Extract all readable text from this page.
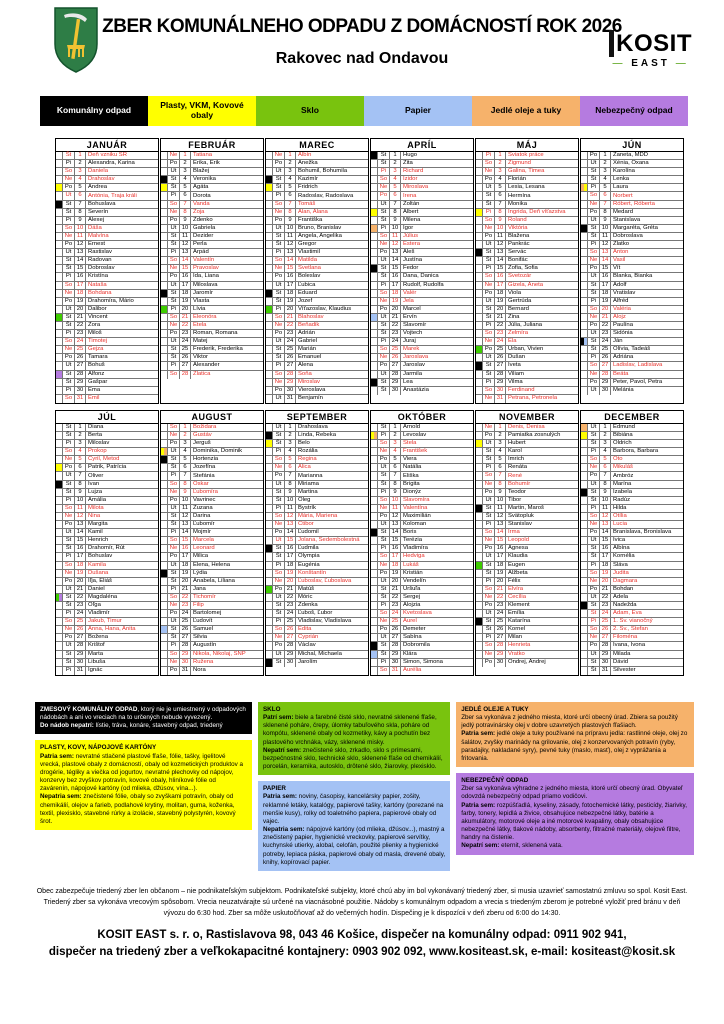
ZBER KOMUNÁLNEHO ODPADU Z DOMÁCNOSTÍ ROK 2026
Rakovec nad Ondavou
KOSIT
— EAST —
Komunálny odpad	Plasty, VKM, Kovové obaly	Sklo	Papier	Jedlé oleje a tuky	Nebezpečný odpad
JANUÁR
Št	1	Deň vzniku SR
Pi	2	Alexandra, Karina
So	3	Daniela
Ne	4	Drahoslav
Po	5	Andrea
Ut	6	Antónia, Traja králi
St	7	Bohuslava
Št	8	Severín
Pi	9	Alexej
So 10 Dáša
Ne 11 Malvína
Po 12 Ernest
Ut 13 Rastislav
St 14 Radovan
Št 15 Dobroslav
Pi 16 Kristína
So 17 Nataša
Ne 18 Bohdana
Po 19 Drahomíra, Mário
Ut 20 Dalibor
St 21 Vincent
Št 22 Zora
Pi 23 Miloš
So 24 Timotej
Ne 25 Gejza
Po 26 Tamara
Ut 27 Bohuš
St 28 Alfonz
Št 29 Gašpar
Pi 30 Ema
So 31 Emil
FEBRUÁR
Ne	1	Tatiana
Po	2	Erika, Erik
Ut	3	Blažej
St	4	Veronika
Št	5	Agáta
Pi	6	Dorota
So	7	Vanda
Ne	8	Zoja
Po	9	Zdenko
Ut 10 Gabriela
St 11 Dezider
Št 12 Perla
Pi 13 Arpád
So 14 Valentín
Ne 15 Pravoslav
Po 16 Ida, Liana
Ut 17 Miloslava
St 18 Jaromír
Št 19 Vlasta
Pi 20 Lívia
So 21 Eleonóra
Ne 22 Etela
Po 23 Roman, Romana
Ut 24 Matej
St 25 Frederik, Frederika
Št 26 Viktor
Pi 27 Alexander
So 28 Zlatica
MAREC
Ne	1	Albín
Po	2	Anežka
Ut	3	Bohumil, Bohumila
St	4	Kazimír
Št	5	Fridrich
Pi	6	Radoslav, Radoslava
So	7	Tomáš
Ne	8	Alan, Alana
Po	9	Františka
Ut 10 Bruno, Branislav
St 11 Angela, Angelika
Št 12 Gregor
Pi 13 Vlastimil
So 14 Matilda
Ne 15 Svetlana
Po 16 Boleslav
Ut 17 Ľubica
St 18 Eduard
Št 19 Jozef
Pi 20 Víťazoslav, Klaudius
So 21 Blahoslav
Ne 22 Beňadik
Po 23 Adrián
Ut 24 Gabriel
St 25 Marián
Št 26 Emanuel
Pi 27 Alena
So 28 Soňa
Ne 29 Miroslav
Po 30 Vieroslava
Ut 31 Benjamín
APRÍL
St	1	Hugo
Št	2	Zita
Pi	3	Richard
So	4	Izidor
Ne	5	Miroslava
Po	6	Irena
Ut	7	Zoltán
St	8	Albert
Št	9	Milena
Pi 10 Igor
So 11 Július
Ne 12 Estera
Po 13 Aleš
Ut 14 Justína
St 15 Fedor
Št 16 Dana, Danica
Pi 17 Rudolf, Rudolfa
So 18 Valér
Ne 19 Jela
Po 20 Marcel
Ut 21 Ervín
St 22 Slavomír
Št 23 Vojtech
Pi 24 Juraj
So 25 Marek
Ne 26 Jaroslava
Po 27 Jaroslav
Ut 28 Jarmila
St 29 Lea
Št 30 Anastázia
MÁJ
Pi	1	Sviatok práce
So	2	Žigmund
Ne	3	Galina, Timea
Po	4	Florián
Ut	5	Lesia, Lesana
St	6	Hermína
Št	7	Monika
Pi	8	Ingrida, Deň víťazstva
So	9	Roland
Ne 10 Viktória
Po 11 Blažena
Ut 12 Pankrác
St 13 Servác
Št 14 Bonifác
Pi 15 Žofia, Sofia
So 16 Svetozár
Ne 17 Gizela, Aneta
Po 18 Viola
Ut 19 Gertrúda
St 20 Bernard
Št 21 Zina
Pi 22 Júlia, Juliana
So 23 Želmíra
Ne 24 Ela
Po 25 Urban, Vivien
Ut 26 Dušan
St 27 Iveta
Št 28 Viliam
Pi 29 Vilma
So 30 Ferdinand
Ne 31 Petrana, Petronela
JÚN
Po	1	Žaneta, MDD
Ut	2	Xénia, Oxana
St	3	Karolína
Št	4	Lenka
Pi	5	Laura
So	6	Norbert
Ne	7	Róbert, Róberta
Po	8	Medard
Ut	9	Stanislava
St 10 Margaréta, Gréta
Št 11 Dobroslava
Pi 12 Zlatko
So 13 Anton
Ne 14 Vasil
Po 15 Vít
Ut 16 Blanka, Bianka
St 17 Adolf
Št 18 Vratislav
Pi 19 Alfréd
So 20 Valéria
Ne 21 Alojz
Po 22 Paulína
Ut 23 Sidónia
St 24 Ján
Št 25 Olívia, Tadeáš
Pi 26 Adriána
So 27 Ladislav, Ladislava
Ne 28 Beáta
Po 29 Peter, Pavol, Petra
Ut 30 Melánia
JÚL
St	1	Diana
Št	2	Berta
Pi	3	Miloslav
So	4	Prokop
Ne	5	Cyril, Metod
Po	6	Patrik, Patrícia
Ut	7	Oliver
St	8	Ivan
Št	9	Lujza
Pi 10 Amália
So 11 Milota
Ne 12 Nina
Po 13 Margita
Ut 14 Kamil
St 15 Henrich
Št 16 Drahomír, Rút
Pi 17 Bohuslav
So 18 Kamila
Ne 19 Dušana
Po 20 Iľja, Eliáš
Ut 21 Daniel
St 22 Magdaléna
Št 23 Oľga
Pi 24 Vladimír
So 25 Jakub, Timur
Ne 26 Anna, Hana, Anita
Po 27 Božena
Ut 28 Krištof
St 29 Marta
Št 30 Libuša
Pi 31 Ignác
AUGUST
So	1	Božidara
Ne	2	Gustáv
Po	3	Jerguš
Ut	4	Dominika, Dominik
St	5	Hortenzia
Št	6	Jozefína
Pi	7	Štefánia
So	8	Oskar
Ne	9	Ľubomíra
Po 10 Vavrinec
Ut 11 Zuzana
St 12 Darina
Št 13 Ľubomír
Pi 14 Mojmír
So 15 Marcela
Ne 16 Leonard
Po 17 Milica
Ut 18 Elena, Helena
St 19 Lýdia
Št 20 Anabela, Liliana
Pi 21 Jana
So 22 Tichomír
Ne 23 Filip
Po 24 Bartolomej
Ut 25 Ľudovít
St 26 Samuel
Št 27 Silvia
Pi 28 Augustín
So 29 Nikola, Nikolaj, SNP
Ne 30 Ružena
Po 31 Nora
SEPTEMBER
Ut	1	Drahoslava
St	2	Linda, Rebeka
Št	3	Belo
Pi	4	Rozália
So	5	Regina
Ne	6	Alica
Po	7	Marianna
Ut	8	Miriama
St	9	Martina
Št 10 Oleg
Pi 11 Bystrík
So 12 Mária, Mariena
Ne 13 Ctibor
Po 14 Ľudomil
Ut 15 Jolana, Sedembolestná
St 16 Ľudmila
Št 17 Olympia
Pi 18 Eugénia
So 19 Konštantín
Ne 20 Ľuboslav, Ľuboslava
Po 21 Matúš
Ut 22 Móric
St 23 Zdenka
Št 24 Ľuboš, Ľubor
Pi 25 Vladislav, Vladislava
So 26 Edita
Ne 27 Cyprián
Po 28 Václav
Ut 29 Michal, Michaela
St 30 Jarolím
OKTÓBER
Št	1	Arnold
Pi	2	Levoslav
So	3	Stela
Ne	4	František
Po	5	Viera
Ut	6	Natália
St	7	Eliška
Št	8	Brigita
Pi	9	Dionýz
So 10 Slavomíra
Ne 11 Valentína
Po 12 Maximilián
Ut 13 Koloman
St 14 Boris
Št 15 Terézia
Pi 16 Vladimíra
So 17 Hedviga
Ne 18 Lukáš
Po 19 Kristián
Ut 20 Vendelín
St 21 Uršuľa
Št 22 Sergej
Pi 23 Alojzia
So 24 Kvetoslava
Ne 25 Aurel
Po 26 Demeter
Ut 27 Sabína
St 28 Dobromila
Št 29 Klára
Pi 30 Šimon, Simona
So 31 Aurélia
NOVEMBER
Ne	1	Denis, Denisa
Po	2	Pamiatka zosnulých
Ut	3	Hubert
St	4	Karol
Št	5	Imrich
Pi	6	Renáta
So	7	René
Ne	8	Bohumír
Po	9	Teodor
Ut 10 Tibor
St 11 Martin, Maroš
Št 12 Svätopluk
Pi 13 Stanislav
So 14 Irma
Ne 15 Leopold
Po 16 Agnesa
Ut 17 Klaudia
St 18 Eugen
Št 19 Alžbeta
Pi 20 Félix
So 21 Elvíra
Ne 22 Cecília
Po 23 Klement
Ut 24 Emília
St 25 Katarína
Št 26 Kornel
Pi 27 Milan
So 28 Henrieta
Ne 29 Vratko
Po 30 Ondrej, Andrej
DECEMBER
Ut	1	Edmund
St	2	Bibiána
Št	3	Oldrich
Pi	4	Barbora, Barbara
So	5	Oto
Ne	6	Mikuláš
Po	7	Ambróz
Ut	8	Marína
St	9	Izabela
Št 10 Radúz
Pi 11 Hilda
So 12 Otília
Ne 13 Lucia
Po 14 Branislava, Bronislava
Ut 15 Ivica
St 16 Albína
Št 17 Kornélia
Pi 18 Sláva
So 19 Judita
Ne 20 Dagmara
Po 21 Bohdan
Ut 22 Adela
St 23 Nadežda
Št 24 Adam, Eva
Pi 25 1. Sv. vianočný
So 26 2. Sv., Štefan
Ne 27 Filoména
Po 28 Ivana, Ivona
Ut 29 Milada
St 30 Dávid
Št 31 Silvester
ZMESOVÝ KOMUNÁLNY ODPAD, ktorý nie je umiestnený v odpadových nádobách a ani vo vreciach na to určených nebude vyvezený.
Do nádob nepatrí: lístie, tráva, konáre, stavebný odpad, triedený
PLASTY, KOVY, NÁPOJOVÉ KARTÓNY
Patria sem: nevratné stlačené plastové fľaše, fólie, tašky, igelitové vrecká, plastové obaly z domácností, obaly od kozmetických produktov a drogérie, tégliky a viečka od jogurtov, nevratné plechovky od nápojov, konzervy bez zvyškov potravín, kovové obaly, hliníkové fólie od zavárenín, nápojové kartóny (od mlieka, džúsov, vína...).
Nepatria sem: znečistené fólie, obaly so zvyškami potravín, obaly od chemikálií, olejov a farieb, podlahové krytiny, molitan, guma, koženka, textil, plexisklo, stavebné rúrky a izolácie, stavebný polystyrén, kovový šrot.
SKLO
Patrí sem: biele a farebné čisté sklo, nevratné sklenené fľaše, sklenené poháre, črepy, úlomky tabuľového skla, poháre od kompótu, sklenené obaly od kozmetiky, kávy a pochutín bez plastového vrchnáka, vázy, sklenené misky.
Nepatrí sem: znečistené sklo, zrkadlo, sklo s prímesami, bezpečnostné sklo, technické sklo, sklenené fľaše od chemikálií, porcelán, keramika, autosklo, drôtené sklo, žiarovky, plexisklo.
PAPIER
Patria sem: noviny, časopisy, kancelársky papier, zošity, reklamné letáky, katalógy, papierové tašky, kartóny (porezané na menšie kusy), rolky od toaletného papiera, papierové obaly od vajec.
Nepatria sem: nápojové kartóny (od mlieka, džúsov...), mastný a znečistený papier, hygienické vreckovky, papierové servítky, kuchynské utierky, alobal, celofán, použité plienky a hygienické potreby, lepiaca páska, papierové obaly od masla, drevené obaly, knihy, kopírovací papier.
JEDLÉ OLEJE A TUKY
Zber sa vykonáva z jedného miesta, ktoré určí obecný úrad. Zbiera sa použitý jedlý potravinársky olej v dobre uzavretých plastových fľašiach.
Patria sem: jedlé oleje a tuky používané na prípravu jedla: rastlinné oleje, olej zo šalátov, zvyšky marinády na grilovanie, olej z konzervovaných potravín (ryby, paradajky, nakladané syry), pevné tuky (maslo, masť), olej z vyprážania a fritovania.
NEBEZPEČNÝ ODPAD
Zber sa vykonáva výhradne z jedného miesta, ktoré určí obecný úrad. Obyvateľ odovzdá nebezpečný odpad priamo vodičovi.
Patria sem: rozpúšťadlá, kyseliny, zásady, fotochemické látky, pesticídy, žiarivky, farby, tonery, lepidlá a živice, obsahujúce nebezpečné látky, batérie a akumulátory, motorové oleje a iné motorové kvapaliny, obaly obsahujúce nebezpečné látky, tlakové nádoby, absorbenty, filtračné materiály, olejové filtre, handry na čistenie.
Nepatrí sem: eternit, sklenená vata.
Obec zabezpečuje triedený zber len občanom – nie podnikateľským subjektom. Podnikateľské subjekty, ktoré chcú aby im bol vykonávaný triedený zber, si musia uzavrieť samostatnú zmluvu so spol. Kosit East. Triedený zber sa vykonáva vrecovým spôsobom. Vrecia neuzatvárajte sú určené na viacnásobné použitie. Nádoby s komunálnym odpadom a vrecia s triedeným zberom je potrebné vyložiť pred bránu v deň vývozu do 6:30 hod. Zber sa môže uskutočňovať až do večerných hodín. Dispečing je k dispozícii v deň zberu od 6:00 do 14:30.
KOSIT EAST s. r. o, Rastislavova 98, 043 46 Košice, dispečer na komunálny odpad: 0911 902 941,
dispečer na triedený zber a veľkokapacitné kontajnery: 0903 902 092, www.kositeast.sk, e-mail: kositeast@kosit.sk
